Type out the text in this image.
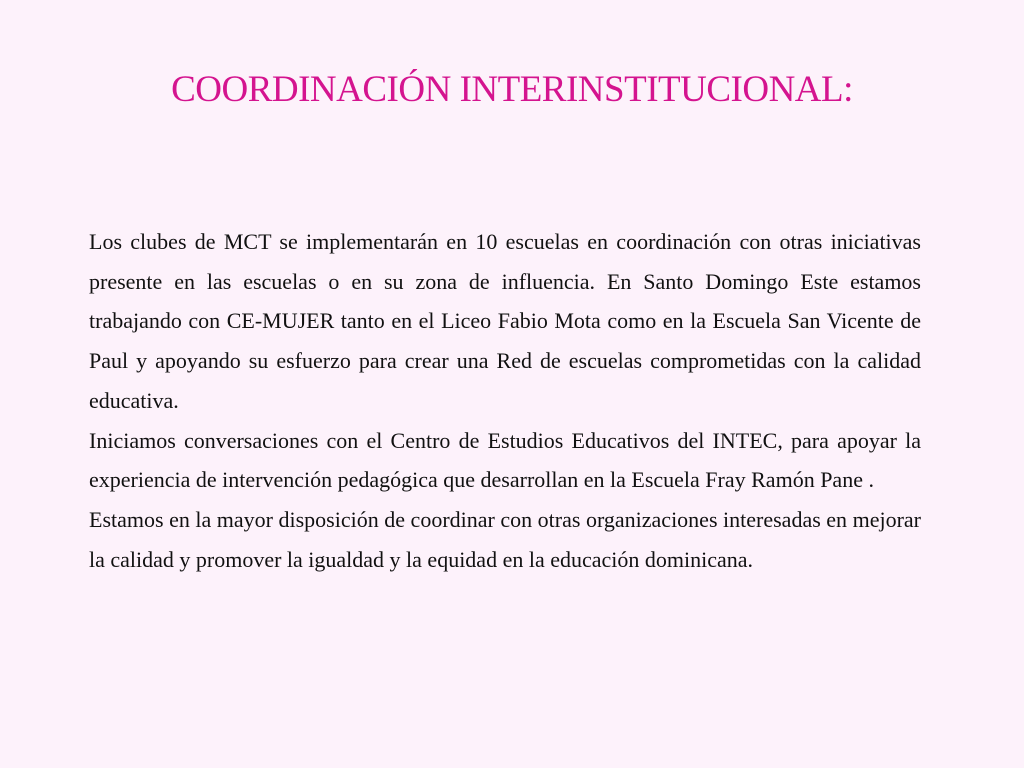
COORDINACIÓN INTERINSTITUCIONAL:

Los clubes de MCT se implementarán en 10 escuelas en coordinación con otras iniciativas presente en las escuelas o en su zona de influencia. En Santo Domingo Este estamos trabajando con CE-MUJER tanto en el Liceo Fabio Mota como en la Escuela San Vicente de Paul y apoyando su esfuerzo para crear una Red de escuelas comprometidas con la calidad educativa.

Iniciamos conversaciones con el Centro de Estudios Educativos del INTEC, para apoyar la experiencia de intervención pedagógica que desarrollan en la Escuela Fray Ramón Pane .

Estamos en la mayor disposición de coordinar con otras organizaciones interesadas en mejorar la calidad y promover la igualdad y la equidad en la educación dominicana.
